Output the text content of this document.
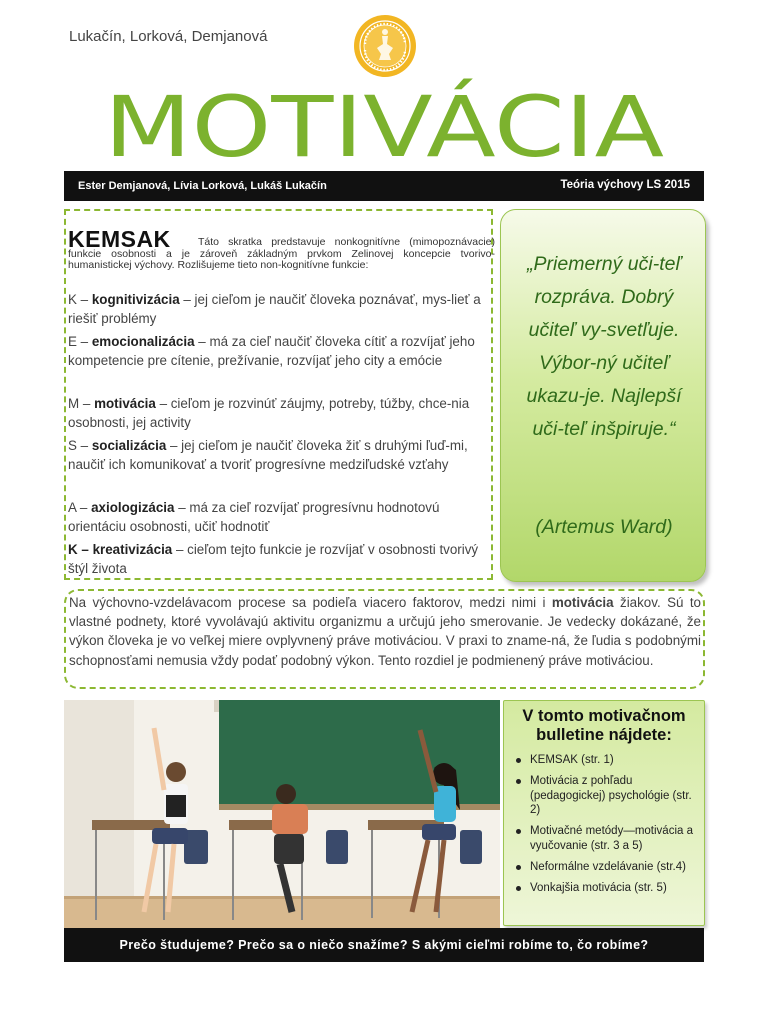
Lukačín, Lorková, Demjanová
MOTIVÁCIA
Ester Demjanová, Lívia Lorková, Lukáš Lukačín	Teória výchovy LS 2015
Táto skratka predstavuje nonkognitívne (mimopoznávacie) funkcie osobnosti a je zároveň základným prvkom Zelinovej koncepcie tvorivo-humanistickej výchovy. Rozlišujeme tieto non-kognitívne funkcie:
KEMSAK
K – kognitivizácia – jej cieľom je naučiť človeka poznávať, mys-lieť a riešiť problémy
E – emocionalizácia – má za cieľ naučiť človeka cítiť a rozvíjať jeho kompetencie pre cítenie, prežívanie, rozvíjať jeho city a emócie
M – motivácia – cieľom je rozvinúť záujmy, potreby, túžby, chce-nia osobnosti, jej activity
S – socializácia – jej cieľom je naučiť človeka žiť s druhými ľuď-mi, naučiť ich komunikovať a tvoriť progresívne medziľudské vzťahy
A – axiologizácia – má za cieľ rozvíjať progresívnu hodnotovú orientáciu osobnosti, učiť hodnotiť
K – kreativizácia – cieľom tejto funkcie je rozvíjať v osobnosti tvorivý štýl života
„Priemerný uči-teľ rozpráva. Dobrý učiteľ vy-svetľuje. Výbor-ný učiteľ ukazu-je. Najlepší uči-teľ inšpiruje.“
(Artemus Ward)
Na výchovno-vzdelávacom procese sa podieľa viacero faktorov, medzi nimi i motivácia žiakov. Sú to vlastné podnety, ktoré vyvolávajú aktivitu organizmu a určujú jeho smerovanie. Je vedecky dokázané, že výkon človeka je vo veľkej miere ovplyvnený práve motiváciou. V praxi to zname-ná, že ľudia s podobnými schopnosťami nemusia vždy podať podobný výkon. Tento rozdiel je podmienený práve motiváciou.
V tomto motivačnom bulletine nájdete:
KEMSAK (str. 1)
Motivácia z pohľadu (pedagogickej) psychológie (str. 2)
Motivačné metódy—motivácia a vyučovanie (str. 3 a 5)
Neformálne vzdelávanie (str.4)
Vonkajšia motivácia (str. 5)
Prečo študujeme? Prečo sa o niečo snažíme? S akými cieľmi robíme to, čo robíme?
